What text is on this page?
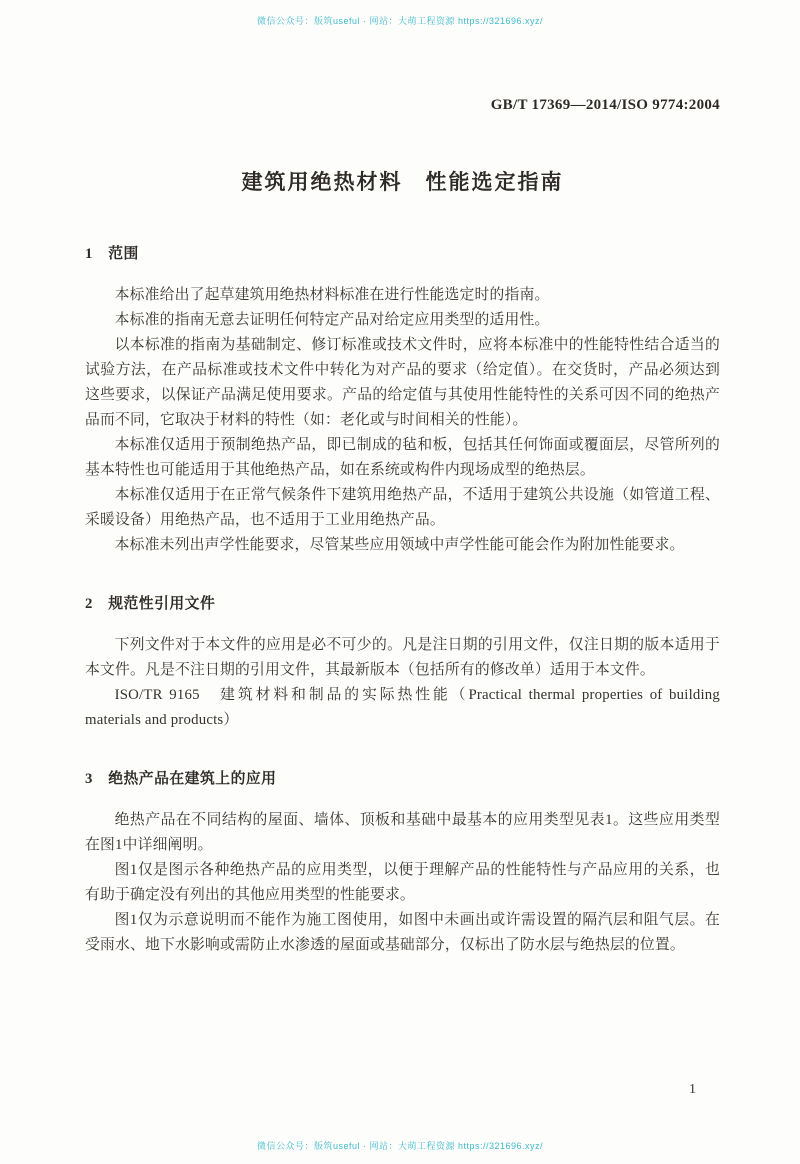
微信公众号：版筑useful · 网站：大萌工程资源 https://321696.xyz/
GB/T 17369—2014/ISO 9774:2004
建筑用绝热材料　性能选定指南
1　范围

本标准给出了起草建筑用绝热材料标准在进行性能选定时的指南。

本标准的指南无意去证明任何特定产品对给定应用类型的适用性。

以本标准的指南为基础制定、修订标准或技术文件时，应将本标准中的性能特性结合适当的试验方法，在产品标准或技术文件中转化为对产品的要求（给定值）。在交货时，产品必须达到这些要求，以保证产品满足使用要求。产品的给定值与其使用性能特性的关系可因不同的绝热产品而不同，它取决于材料的特性（如：老化或与时间相关的性能）。

本标准仅适用于预制绝热产品，即已制成的毡和板，包括其任何饰面或覆面层，尽管所列的基本特性也可能适用于其他绝热产品，如在系统或构件内现场成型的绝热层。

本标准仅适用于在正常气候条件下建筑用绝热产品，不适用于建筑公共设施（如管道工程、采暖设备）用绝热产品，也不适用于工业用绝热产品。

本标准未列出声学性能要求，尽管某些应用领域中声学性能可能会作为附加性能要求。

2　规范性引用文件

下列文件对于本文件的应用是必不可少的。凡是注日期的引用文件，仅注日期的版本适用于本文件。凡是不注日期的引用文件，其最新版本（包括所有的修改单）适用于本文件。

ISO/TR 9165　建筑材料和制品的实际热性能（Practical thermal properties of building materials and products）

3　绝热产品在建筑上的应用

绝热产品在不同结构的屋面、墙体、顶板和基础中最基本的应用类型见表1。这些应用类型在图1中详细阐明。

图1仅是图示各种绝热产品的应用类型，以便于理解产品的性能特性与产品应用的关系，也有助于确定没有列出的其他应用类型的性能要求。

图1仅为示意说明而不能作为施工图使用，如图中未画出或许需设置的隔汽层和阻气层。在受雨水、地下水影响或需防止水渗透的屋面或基础部分，仅标出了防水层与绝热层的位置。

1
微信公众号：版筑useful · 网站：大萌工程资源 https://321696.xyz/
